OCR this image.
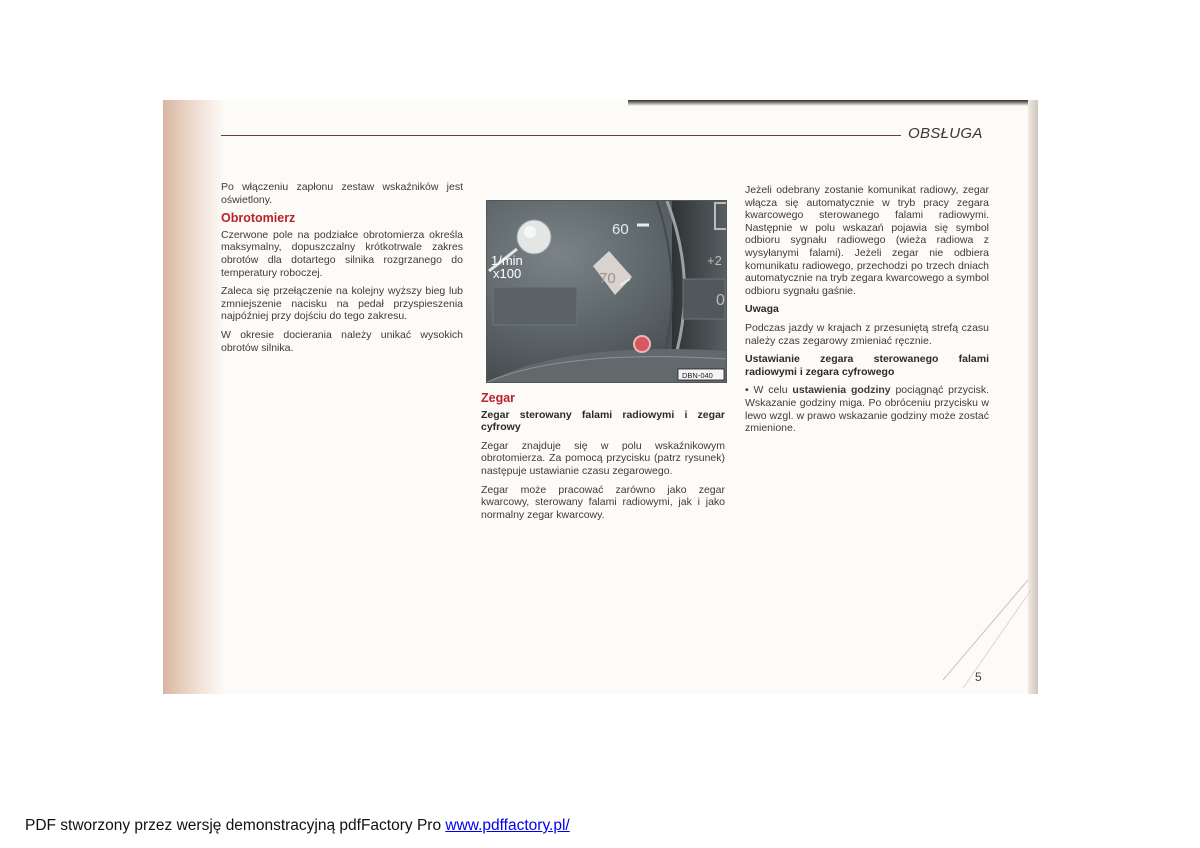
OBSŁUGA

Po włączeniu zapłonu zestaw wskaźników jest oświetlony.

Obrotomierz

Czerwone pole na podziałce obrotomierza określa maksymalny, dopuszczalny krótkotrwale zakres obrotów dla dotartego silnika rozgrzanego do temperatury roboczej.

Zaleca się przełączenie na kolejny wyższy bieg lub zmniejszenie nacisku na pedał przyspieszenia najpóźniej przy dojściu do tego zakresu.

W okresie docierania należy unikać wysokich obrotów silnika.

+2
0
60
70
1/min
x100
DBN-040
Zegar

Zegar sterowany falami radiowymi i zegar cyfrowy

Zegar znajduje się w polu wskaźnikowym obrotomierza. Za pomocą przycisku (patrz rysunek) następuje ustawianie czasu zegarowego.

Zegar może pracować zarówno jako zegar kwarcowy, sterowany falami radiowymi, jak i jako normalny zegar kwarcowy.

Jeżeli odebrany zostanie komunikat radiowy, zegar włącza się automatycznie w tryb pracy zegara kwarcowego sterowanego falami radiowymi. Następnie w polu wskazań pojawia się symbol odbioru sygnału radiowego (wieża radiowa z wysyłanymi falami). Jeżeli zegar nie odbiera komunikatu radiowego, przechodzi po trzech dniach automatycznie na tryb zegara kwarcowego a symbol odbioru sygnału gaśnie.

Uwaga

Podczas jazdy w krajach z przesuniętą strefą czasu należy czas zegarowy zmieniać ręcznie.

Ustawianie zegara sterowanego falami radiowymi i zegara cyfrowego

• W celu ustawienia godziny pociągnąć przycisk. Wskazanie godziny miga. Po obróceniu przycisku w lewo wzgl. w prawo wskazanie godziny może zostać zmienione.

5
PDF stworzony przez wersję demonstracyjną pdfFactory Pro www.pdffactory.pl/
